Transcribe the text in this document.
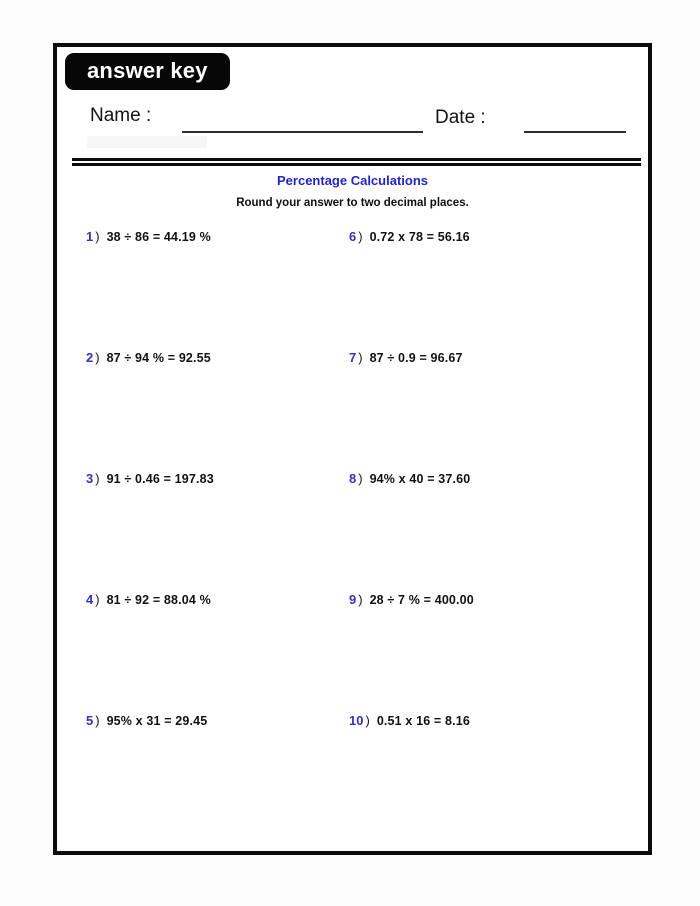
answer key
Name :	Date :
Percentage Calculations
Round your answer to two decimal places.
1 ) 38 ÷ 86 = 44.19 %
2 ) 87 ÷ 94 % = 92.55
3 ) 91 ÷ 0.46 = 197.83
4 ) 81 ÷ 92 = 88.04 %
5 ) 95% x 31 = 29.45
6 ) 0.72 x 78 = 56.16
7 ) 87 ÷ 0.9 = 96.67
8 ) 94% x 40 = 37.60
9 ) 28 ÷ 7 % = 400.00
10 ) 0.51 x 16 = 8.16
